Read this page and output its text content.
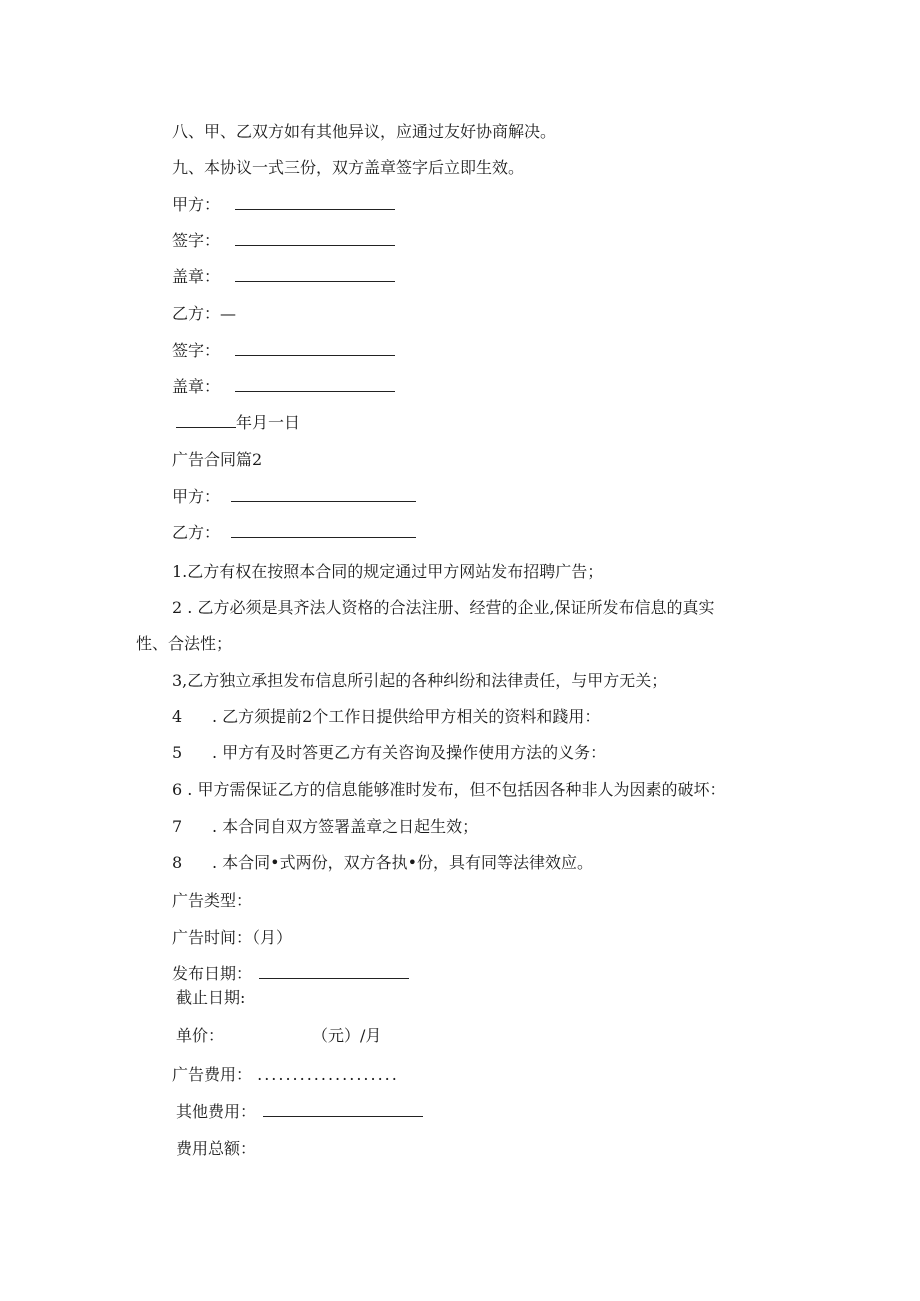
八、甲、乙双方如有其他异议，应通过友好协商解决。
九、本协议一式三份，双方盖章签字后立即生效。
甲方：
签字：
盖章：
乙方：—
签字：
盖章：
年月一日
广告合同篇2
甲方：
乙方：
1.乙方有权在按照本合同的规定通过甲方网站发布招聘广告；
2 . 乙方必须是具齐法人资格的合法注册、经营的企业,保证所发布信息的真实
性、合法性；
3,乙方独立承担发布信息所引起的各种纠纷和法律责任，与甲方无关；
4 . 乙方须提前2个工作日提供给甲方相关的资料和踐用：
5 . 甲方有及时答更乙方有关咨询及操作使用方法的义务：
6 . 甲方需保证乙方的信息能够准时发布，但不包括因各种非人为因素的破坏：
7 . 本合同自双方签署盖章之日起生效；
8 . 本合同•式两份，双方各执•份，具有同等法律效应。
广告类型：
广告时间：（月）
发布日期：
截止日期:
单价：	（元）/月
广告费用： ....................
其他费用：
费用总额：
